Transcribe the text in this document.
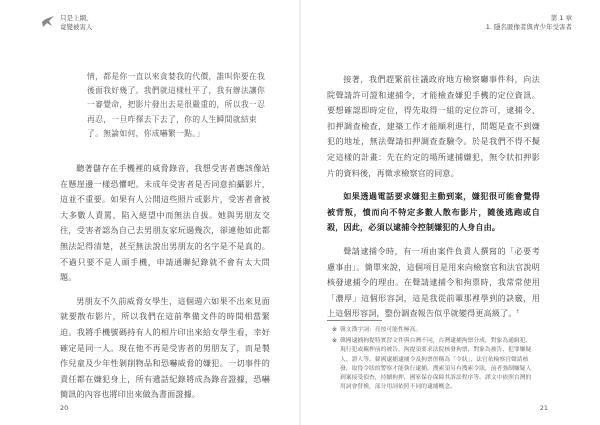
只是上網，
竟變被害人
情，都是你一直以來貪婪我的代價，誰叫你要在我
後面我好幾了。我們就這樣杜平了，我有辦法讓你
一審覺命，把影片發出去是很嚴重的，所以我一忍
再忍，一旦咋擇去下去了，你的人生瞬間就結束
了。無論如何，你成嚇繁一點。」

聽著儲存在手機裡的威脅錄音，我想受害者應該像站在懸崖邊一樣恐懼吧。未成年受害者是否同意拍攝影片，這並不重要。如果有人公開這些照片或影片，受害者會被大多數人責罵，陷入絕望中而無法自拔。她與男朋友交往，受害者認為自己去男朋友家玩過幾次，卻連他如此都無法記得清楚，甚至無法說出男朋友的名字是不是真的。不過只要不是人頭手機，申請通聯紀錄就不會有太大問題。

男朋友不久前威脅女學生，這個週六如果不出來見面就要散布影片，所以我們在這前準備文件的時間相當緊迫。我將手機號碼持有人的相片印出來給女學生看，幸好確定是同一人。現在他不再是受害者的男朋友了，而是製作兒童及少年性剝削物品和恐嚇威脅的嫌犯。一切事件的責任都在嫌犯身上，所有遺話紀錄將成為錄音證據，恐嚇簡訊的內容也將印出來做為書面證據。

20
第 1 章
1. 隱名匿像者與青少年受害者

接著，我們趕緊前往議政府地方檢察廳事件科，向法院聲請許可證和逮捕令，才能檢查嫌犯手機的定位資訊。要想確認即時定位，得先取得一組的定位許可，逮捕令、扣押調查檢查，建築工作才能順利進行，問題是查不到嫌犯的地址，無法聲請扣押調查查驗令。於是我們不得不擬定這樣的計畫：先在約定的場所逮捕嫌犯，無令狀扣押影片的資料後，再徵求檢察官的同意。

如果透過電話要求嫌犯主動到案，嫌犯很可能會覺得被背叛，憤而向不特定多數人散布影片，隨後逃跑或自殺，因此，必須以逮捕令控制嫌犯的人身自由。

聲請逮捕令時，有一項由案件負責人撰寫的「必要考慮事由」。簡單來說，這個項目是用來向檢察官和法官說明核發逮捕令的理由。在聲請逮捕令和拘票時，我常常使用「濃厚」這個形容詞，這是我從前輩那裡學到的訣竅，用上這個形容詞，整份調查報告似乎就變得更高級了。†

※ 韓文漢字詞：亮按可能性極高。
※ 韓國逮捕拘提特實習文件與台灣不同，台灣逮捕拘票分成，對象為通緝犯、現行犯或羈押前的被告，拘提須要求法院核發拘票，對象為被告、犯罪嫌疑人、證人等。韓國逮捕逮捕令及拘票併稱為「令狀」，法官依檢察官聲請核發，取得令狀的警察才能執行逮捕，搜索須另有搜索令狀，前者強制嫌疑人到案接受偵查，持續拘押，國家保存保障其訴訟程序等。譯文中依照台灣的用詞會替換，部分用詞依照不同的逮捕概念。
21
